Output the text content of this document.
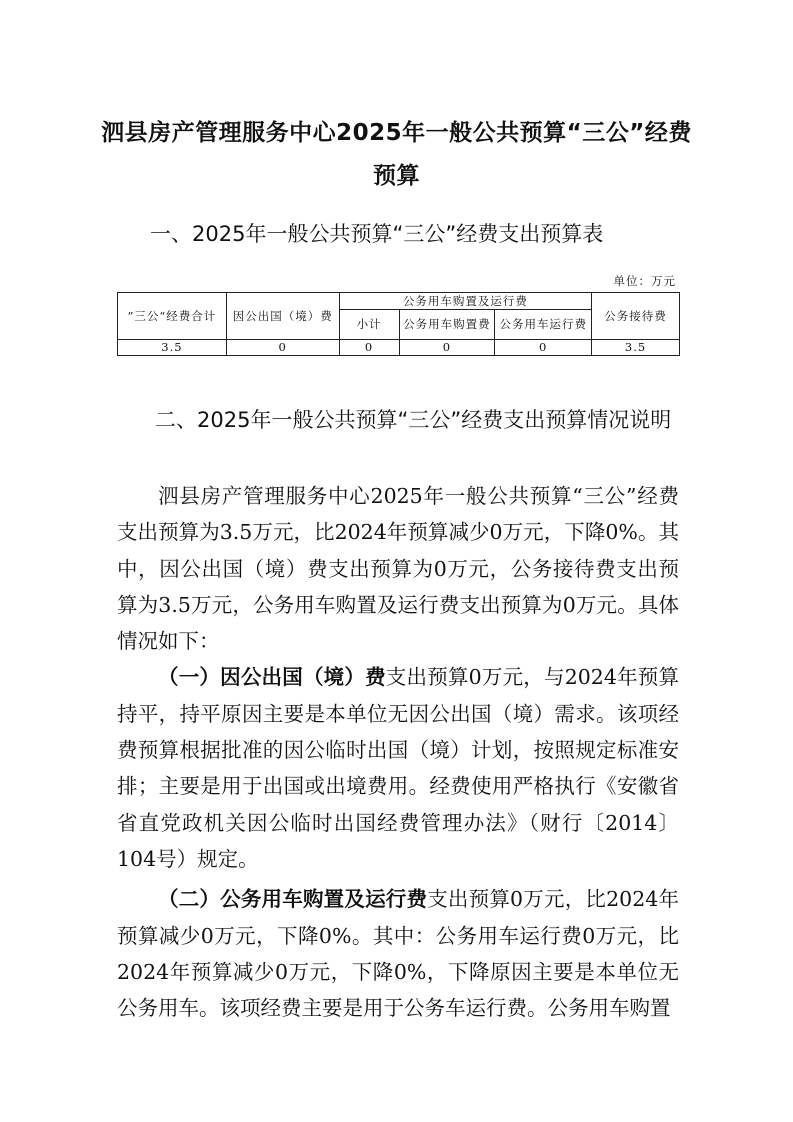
泗县房产管理服务中心2025年一般公共预算“三公”经费预算
一、2025年一般公共预算“三公”经费支出预算表
单位：万元
”三公“经费合计	因公出国（境）费	公务用车购置及运行费			公务接待费
		小计	公务用车购置费	公务用车运行费	
3.5	0	0	0	0	3.5
二、2025年一般公共预算“三公”经费支出预算情况说明

泗县房产管理服务中心2025年一般公共预算“三公”经费支出预算为3.5万元，比2024年预算减少0万元，下降0%。其中，因公出国（境）费支出预算为0万元，公务接待费支出预算为3.5万元，公务用车购置及运行费支出预算为0万元。具体情况如下：

（一）因公出国（境）费支出预算0万元，与2024年预算持平，持平原因主要是本单位无因公出国（境）需求。该项经费预算根据批准的因公临时出国（境）计划，按照规定标准安排；主要是用于出国或出境费用。经费使用严格执行《安徽省省直党政机关因公临时出国经费管理办法》（财行〔2014〕104号）规定。

（二）公务用车购置及运行费支出预算0万元，比2024年预算减少0万元，下降0%。其中：公务用车运行费0万元，比2024年预算减少0万元，下降0%，下降原因主要是本单位无公务用车。该项经费主要是用于公务车运行费。公务用车购置
